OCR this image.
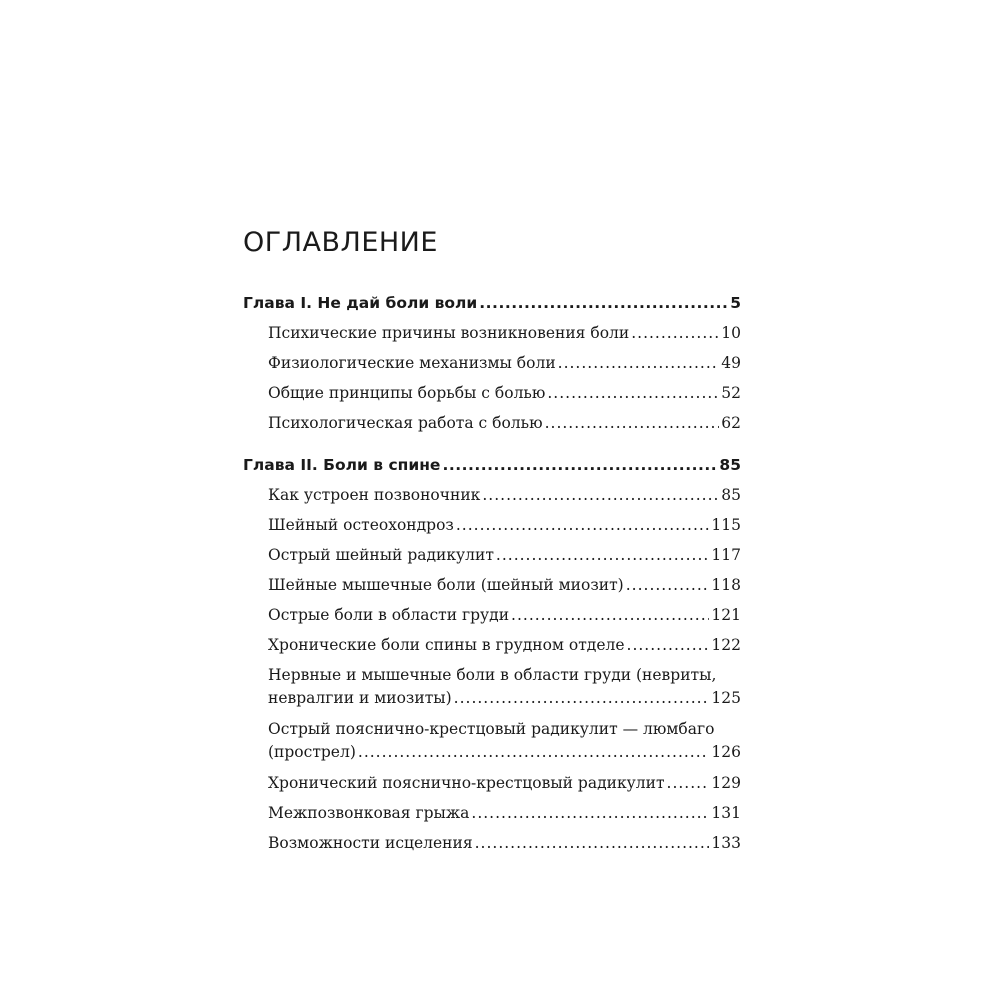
ОГЛАВЛЕНИЕ
Глава I. Не дай боли воли .....	5
Психические причины возникновения боли .....	10
Физиологические механизмы боли .....	49
Общие принципы борьбы с болью .....	52
Психологическая работа с болью .....	62
Глава II. Боли в спине .....	85
Как устроен позвоночник .....	85
Шейный остеохондроз .....	115
Острый шейный радикулит .....	117
Шейные мышечные боли (шейный миозит) .....	118
Острые боли в области груди .....	121
Хронические боли спины в грудном отделе .....	122
Нервные и мышечные боли в области груди (невриты,
невралгии и миозиты) .....	125
Острый пояснично-крестцовый радикулит — люмбаго
(прострел) .....	126
Хронический пояснично-крестцовый радикулит .....	129
Межпозвонковая грыжа .....	131
Возможности исцеления .....	133
